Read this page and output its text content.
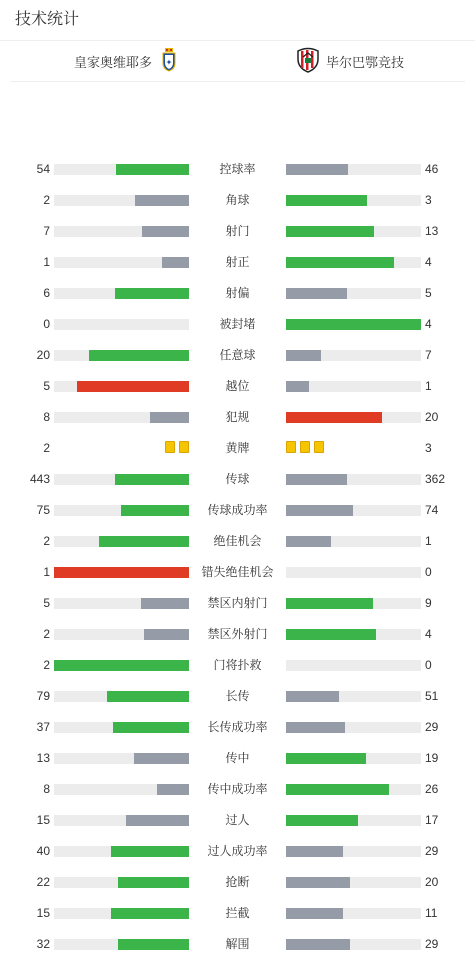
技术统计
皇家奥维耶多 ✦	毕尔巴鄂竞技
54	控球率	46
2	角球	3
7	射门	13
1	射正	4
6	射偏	5
0	被封堵	4
20	任意球	7
5	越位	1
8	犯规	20
2	黄牌	3
443	传球	362
75	传球成功率	74
2	绝佳机会	1
1	错失绝佳机会	0
5	禁区内射门	9
2	禁区外射门	4
2	门将扑救	0
79	长传	51
37	长传成功率	29
13	传中	19
8	传中成功率	26
15	过人	17
40	过人成功率	29
22	抢断	20
15	拦截	11
32	解围	29
